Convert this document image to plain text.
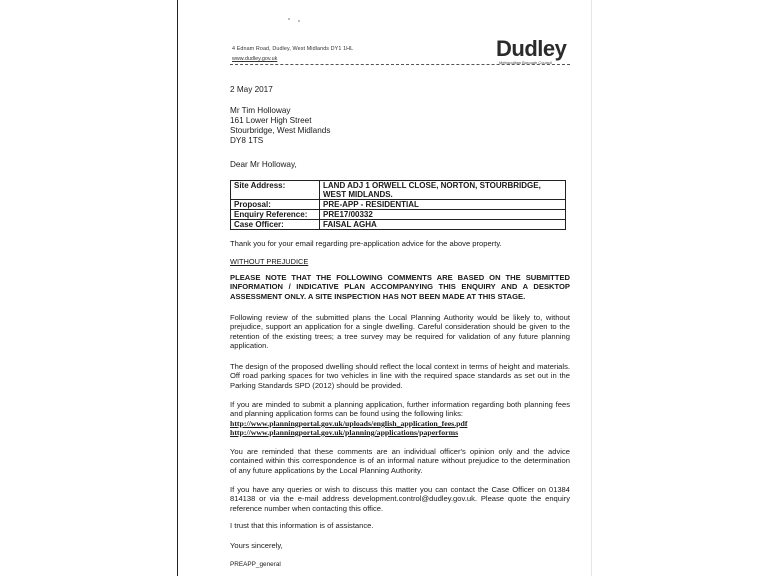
4 Ednam Road, Dudley, West Midlands DY1 1HL
www.dudley.gov.uk	Dudley
Metropolitan Borough Council
2 May 2017
Mr Tim Holloway
161 Lower High Street
Stourbridge, West Midlands
DY8 1TS
Dear Mr Holloway,
Site Address:	LAND ADJ 1 ORWELL CLOSE, NORTON, STOURBRIDGE, WEST MIDLANDS.
Proposal:	PRE-APP - RESIDENTIAL
Enquiry Reference:	PRE17/00332
Case Officer:	FAISAL AGHA
Thank you for your email regarding pre-application advice for the above property.
WITHOUT PREJUDICE
PLEASE NOTE THAT THE FOLLOWING COMMENTS ARE BASED ON THE SUBMITTED INFORMATION / INDICATIVE PLAN ACCOMPANYING THIS ENQUIRY AND A DESKTOP ASSESSMENT ONLY. A SITE INSPECTION HAS NOT BEEN MADE AT THIS STAGE.
Following review of the submitted plans the Local Planning Authority would be likely to, without prejudice, support an application for a single dwelling. Careful consideration should be given to the retention of the existing trees; a tree survey may be required for validation of any future planning application.
The design of the proposed dwelling should reflect the local context in terms of height and materials. Off road parking spaces for two vehicles in line with the required space standards as set out in the Parking Standards SPD (2012) should be provided.
If you are minded to submit a planning application, further information regarding both planning fees and planning application forms can be found using the following links:
http://www.planningportal.gov.uk/uploads/english_application_fees.pdf
http://www.planningportal.gov.uk/planning/applications/paperforms
You are reminded that these comments are an individual officer's opinion only and the advice contained within this correspondence is of an informal nature without prejudice to the determination of any future applications by the Local Planning Authority.
If you have any queries or wish to discuss this matter you can contact the Case Officer on 01384 814138 or via the e-mail address development.control@dudley.gov.uk. Please quote the enquiry reference number when contacting this office.
I trust that this information is of assistance.
Yours sincerely,
PREAPP_general
